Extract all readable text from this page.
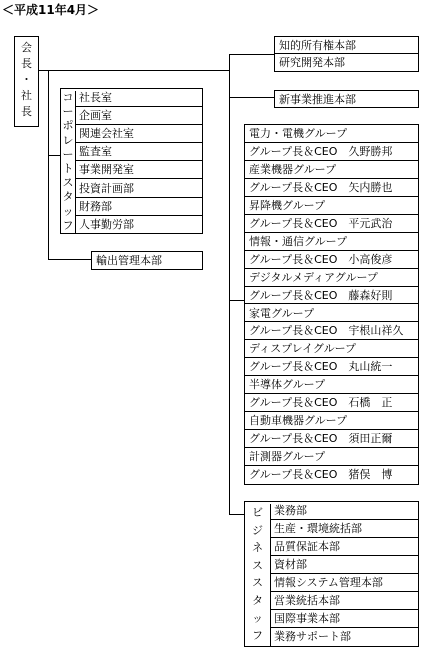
＜平成11年4月＞
会
長
・
社
長
コ
ー
ポ
レ
ー
ト
ス
タ
ッ
フ
社長室
企画室
関連会社室
監査室
事業開発室
投資計画部
財務部
人事勤労部
輸出管理本部
知的所有権本部
研究開発本部
新事業推進本部
電力・電機グループ
グループ長＆CEO　久野勝邦
産業機器グループ
グループ長＆CEO　矢内勝也
昇降機グループ
グループ長＆CEO　平元武治
情報・通信グループ
グループ長＆CEO　小高俊彦
デジタルメディアグループ
グループ長＆CEO　藤森好則
家電グループ
グループ長＆CEO　宇根山祥久
ディスプレイグループ
グループ長＆CEO　丸山統一
半導体グループ
グループ長＆CEO　石橋　正
自動車機器グループ
グループ長＆CEO　須田正爾
計測器グループ
グループ長＆CEO　猪俣　博
ビ
ジ
ネ
ス
ス
タ
ッ
フ
業務部
生産・環境統括部
品質保証本部
資材部
情報システム管理本部
営業統括本部
国際事業本部
業務サポート部
